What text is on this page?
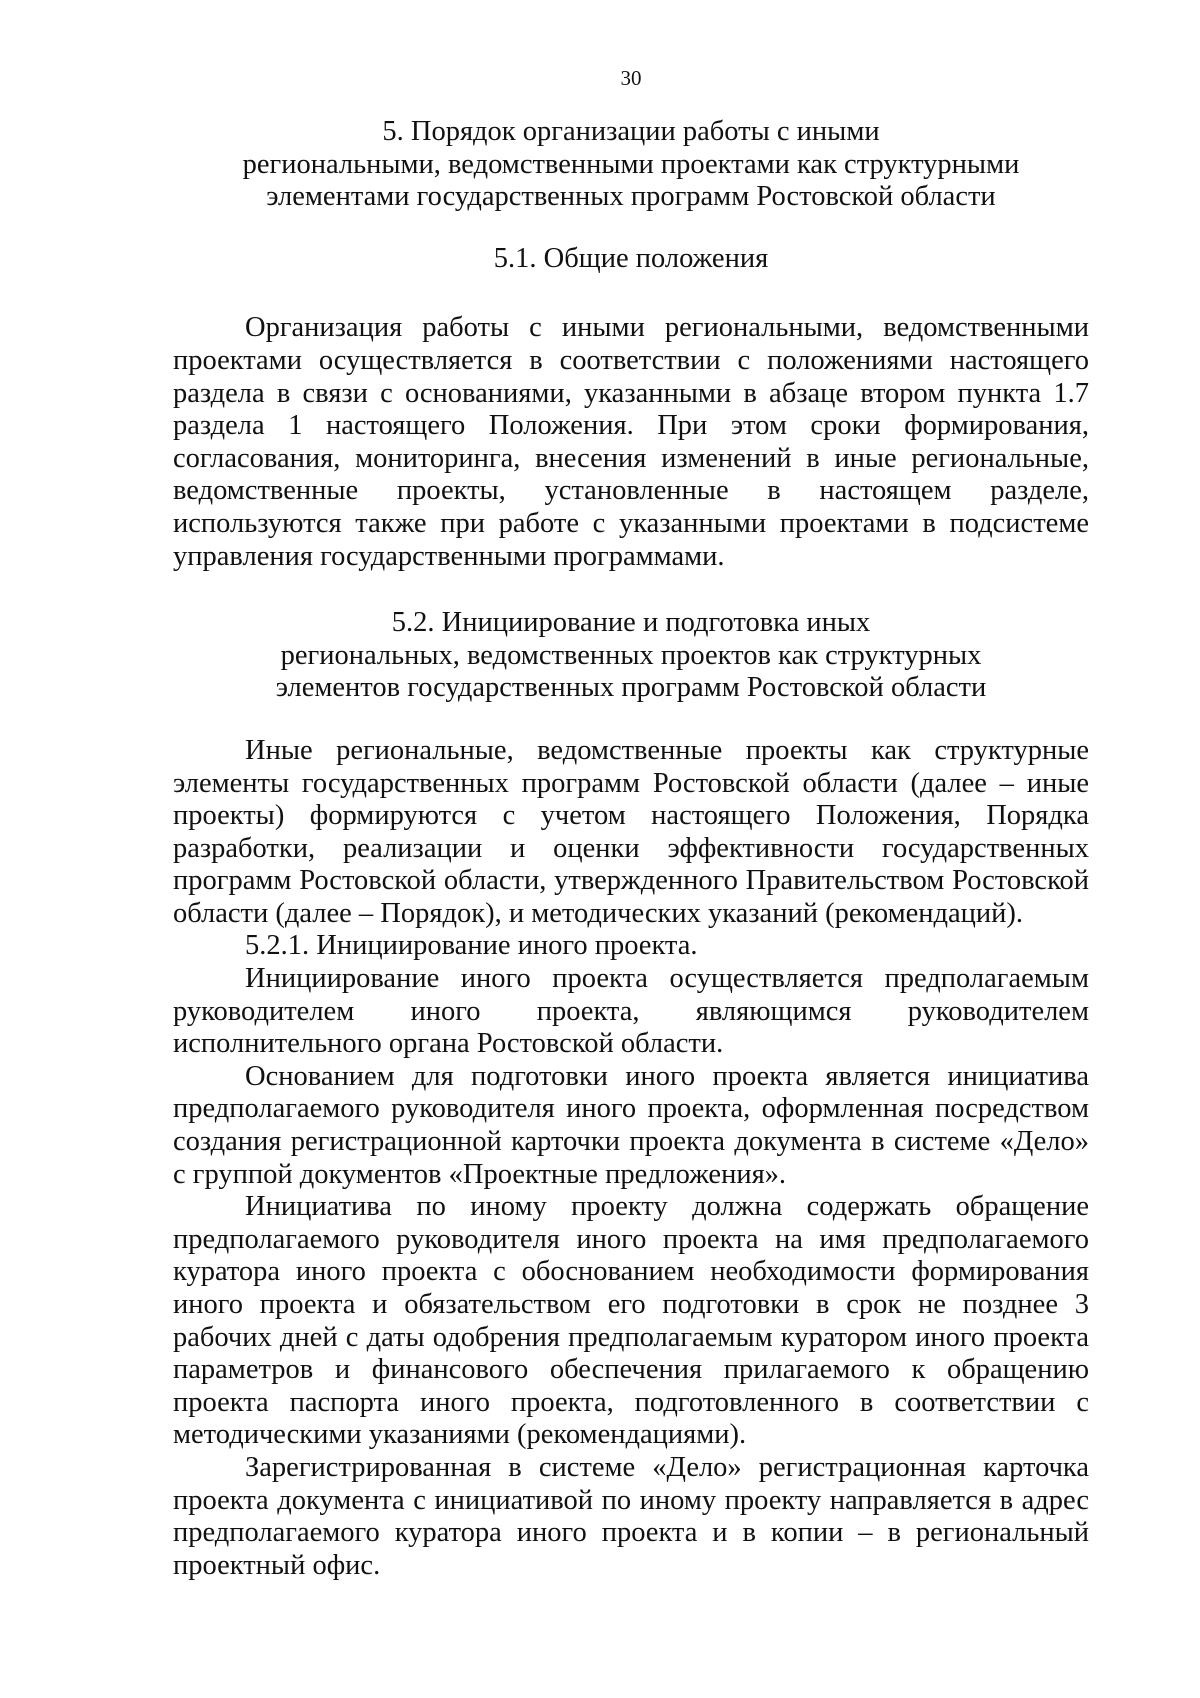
30
5. Порядок организации работы с иными
региональными, ведомственными проектами как структурными
элементами государственных программ Ростовской области
5.1. Общие положения

Организация работы с иными региональными, ведомственными проектами осуществляется в соответствии с положениями настоящего раздела в связи с основаниями, указанными в абзаце втором пункта 1.7 раздела 1 настоящего Положения. При этом сроки формирования, согласования, мониторинга, внесения изменений в иные региональные, ведомственные проекты, установленные в настоящем разделе, используются также при работе с указанными проектами в подсистеме управления государственными программами.

5.2. Инициирование и подготовка иных
региональных, ведомственных проектов как структурных
элементов государственных программ Ростовской области

Иные региональные, ведомственные проекты как структурные элементы государственных программ Ростовской области (далее – иные проекты) формируются с учетом настоящего Положения, Порядка разработки, реализации и оценки эффективности государственных программ Ростовской области, утвержденного Правительством Ростовской области (далее – Порядок), и методических указаний (рекомендаций).

5.2.1. Инициирование иного проекта.

Инициирование иного проекта осуществляется предполагаемым руководителем иного проекта, являющимся руководителем исполнительного органа Ростовской области.

Основанием для подготовки иного проекта является инициатива предполагаемого руководителя иного проекта, оформленная посредством создания регистрационной карточки проекта документа в системе «Дело» с группой документов «Проектные предложения».

Инициатива по иному проекту должна содержать обращение предполагаемого руководителя иного проекта на имя предполагаемого куратора иного проекта с обоснованием необходимости формирования иного проекта и обязательством его подготовки в срок не позднее 3 рабочих дней с даты одобрения предполагаемым куратором иного проекта параметров и финансового обеспечения прилагаемого к обращению проекта паспорта иного проекта, подготовленного в соответствии с методическими указаниями (рекомендациями).

Зарегистрированная в системе «Дело» регистрационная карточка проекта документа с инициативой по иному проекту направляется в адрес предполагаемого куратора иного проекта и в копии – в региональный проектный офис.
